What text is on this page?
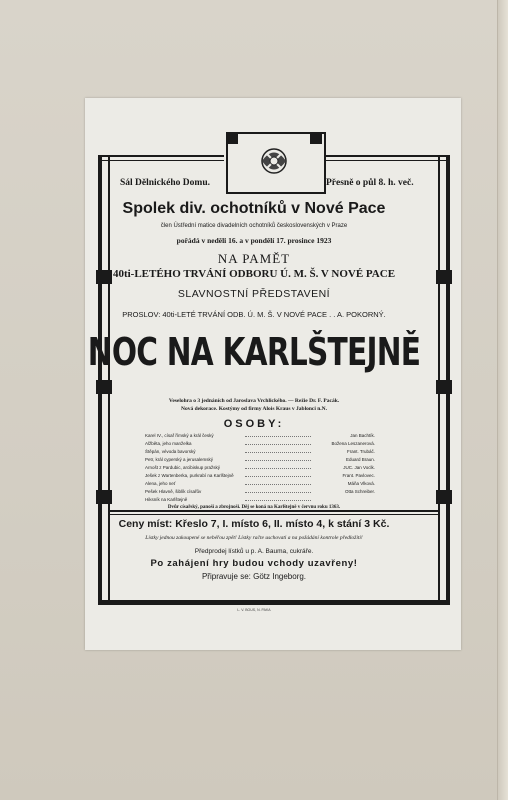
Sál Dělnického Domu.	Přesně o půl 8. h. več.
Spolek div. ochotníků v Nové Pace
člen Ústřední matice divadelních ochotníků československých v Praze
pořádá v neděli 16. a v pondělí 17. prosince 1923
NA PAMĚT
40ti-LETÉHO TRVÁNÍ ODBORU Ú. M. Š. V NOVÉ PACE
SLAVNOSTNÍ PŘEDSTAVENÍ
PROSLOV: 40ti-LETÉ TRVÁNÍ ODB. Ú. M. Š. V NOVÉ PACE . . A. POKORNÝ.
NOC NA KARLŠTEJNĚ
Veselohra o 3 jednáních od Jaroslava Vrchlického. — Režie Dr. F. Pacák.
Nová dekorace. Kostýmy od firmy Alois Kraus v Jablonci n.N.
OSOBY:
Karel IV., císař římský a král český	Jan Bachtík.
Alžběta, jeho manželka	Božena Leszanerová.
Štěpán, vévoda bavorský	Frant. Trubáč.
Petr, král cyperský a jerusalemský	Eduard Braun.
Arnošt z Pardubic, arcibiskup pražský	JUC. Jan Voclk.
Ješek z Wartenberka, purkrabí na Karlštejně	Frant. Pavlovec.
Alena, jeho neť	Máňa Vlková.
Pešek Hlavně, šiblík císařův	Otta Schreiber.
Hiksník na Karlštejně
Dvůr císařský, panoší a zbrojnoši. Děj se koná na Karlštejně v červnu roku 1363.
Ceny míst: Křeslo 7, I. místo 6, II. místo 4, k stání 3 Kč.
Lístky jednou zakoupené se nebéřou zpět! Lístky račte uschovati a na požádání kontrole předložiti!
Předprodej lístků u p. A. Bauma, cukráře.
Po zahájení hry budou vchody uzavřeny!
Připravuje se: Götz Ingeborg.
L. V. BOUS, N. PAKA
